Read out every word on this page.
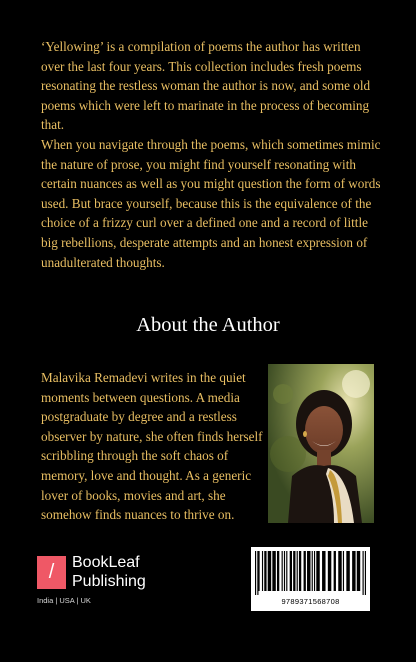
‘Yellowing’ is a compilation of poems the author has written over the last four years. This collection includes fresh poems resonating the restless woman the author is now, and some old poems which were left to marinate in the process of becoming that.

When you navigate through the poems, which sometimes mimic the nature of prose, you might find yourself resonating with certain nuances as well as you might question the form of words used. But brace yourself, because this is the equivalence of the choice of a frizzy curl over a defined one and a record of little big rebellions, desperate attempts and an honest expression of unadulterated thoughts.

About the Author

Malavika Remadevi writes in the quiet moments between questions. A media postgraduate by degree and a restless observer by nature, she often finds herself scribbling through the soft chaos of memory, love and thought. As a generic lover of books, movies and art, she somehow finds nuances to thrive on.

/	BookLeaf
Publishing
India | USA | UK	9789371568708
